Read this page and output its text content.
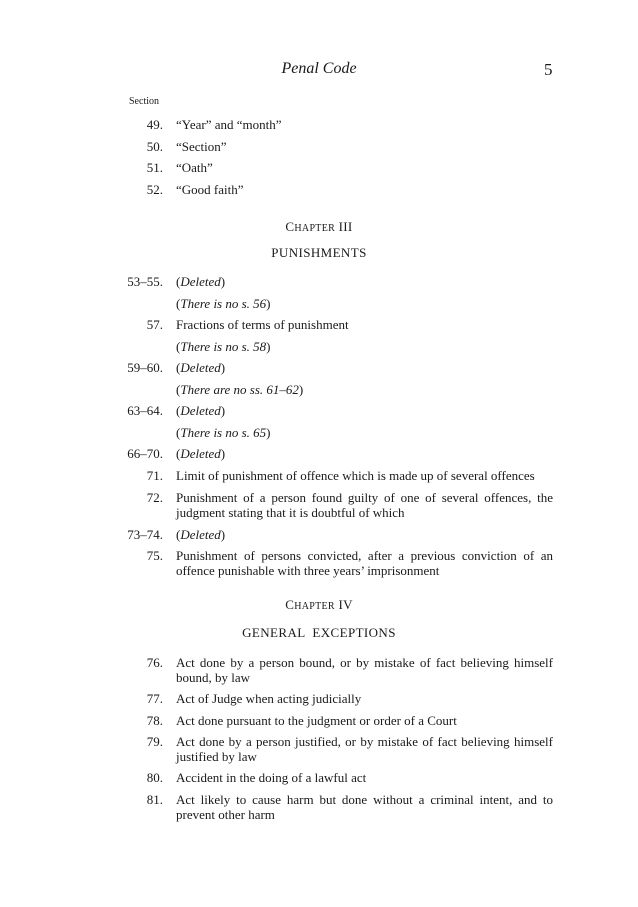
Penal Code	5
Section
49. “Year” and “month”
50. “Section”
51. “Oath”
52. “Good faith”
CHAPTER III
PUNISHMENTS
53–55. (Deleted)
(There is no s. 56)
57. Fractions of terms of punishment
(There is no s. 58)
59–60. (Deleted)
(There are no ss. 61–62)
63–64. (Deleted)
(There is no s. 65)
66–70. (Deleted)
71. Limit of punishment of offence which is made up of several offences
72. Punishment of a person found guilty of one of several offences, the judgment stating that it is doubtful of which
73–74. (Deleted)
75. Punishment of persons convicted, after a previous conviction of an offence punishable with three years’ imprisonment
CHAPTER IV
GENERAL  EXCEPTIONS
76. Act done by a person bound, or by mistake of fact believing himself bound, by law
77. Act of Judge when acting judicially
78. Act done pursuant to the judgment or order of a Court
79. Act done by a person justified, or by mistake of fact believing himself justified by law
80. Accident in the doing of a lawful act
81. Act likely to cause harm but done without a criminal intent, and to prevent other harm
